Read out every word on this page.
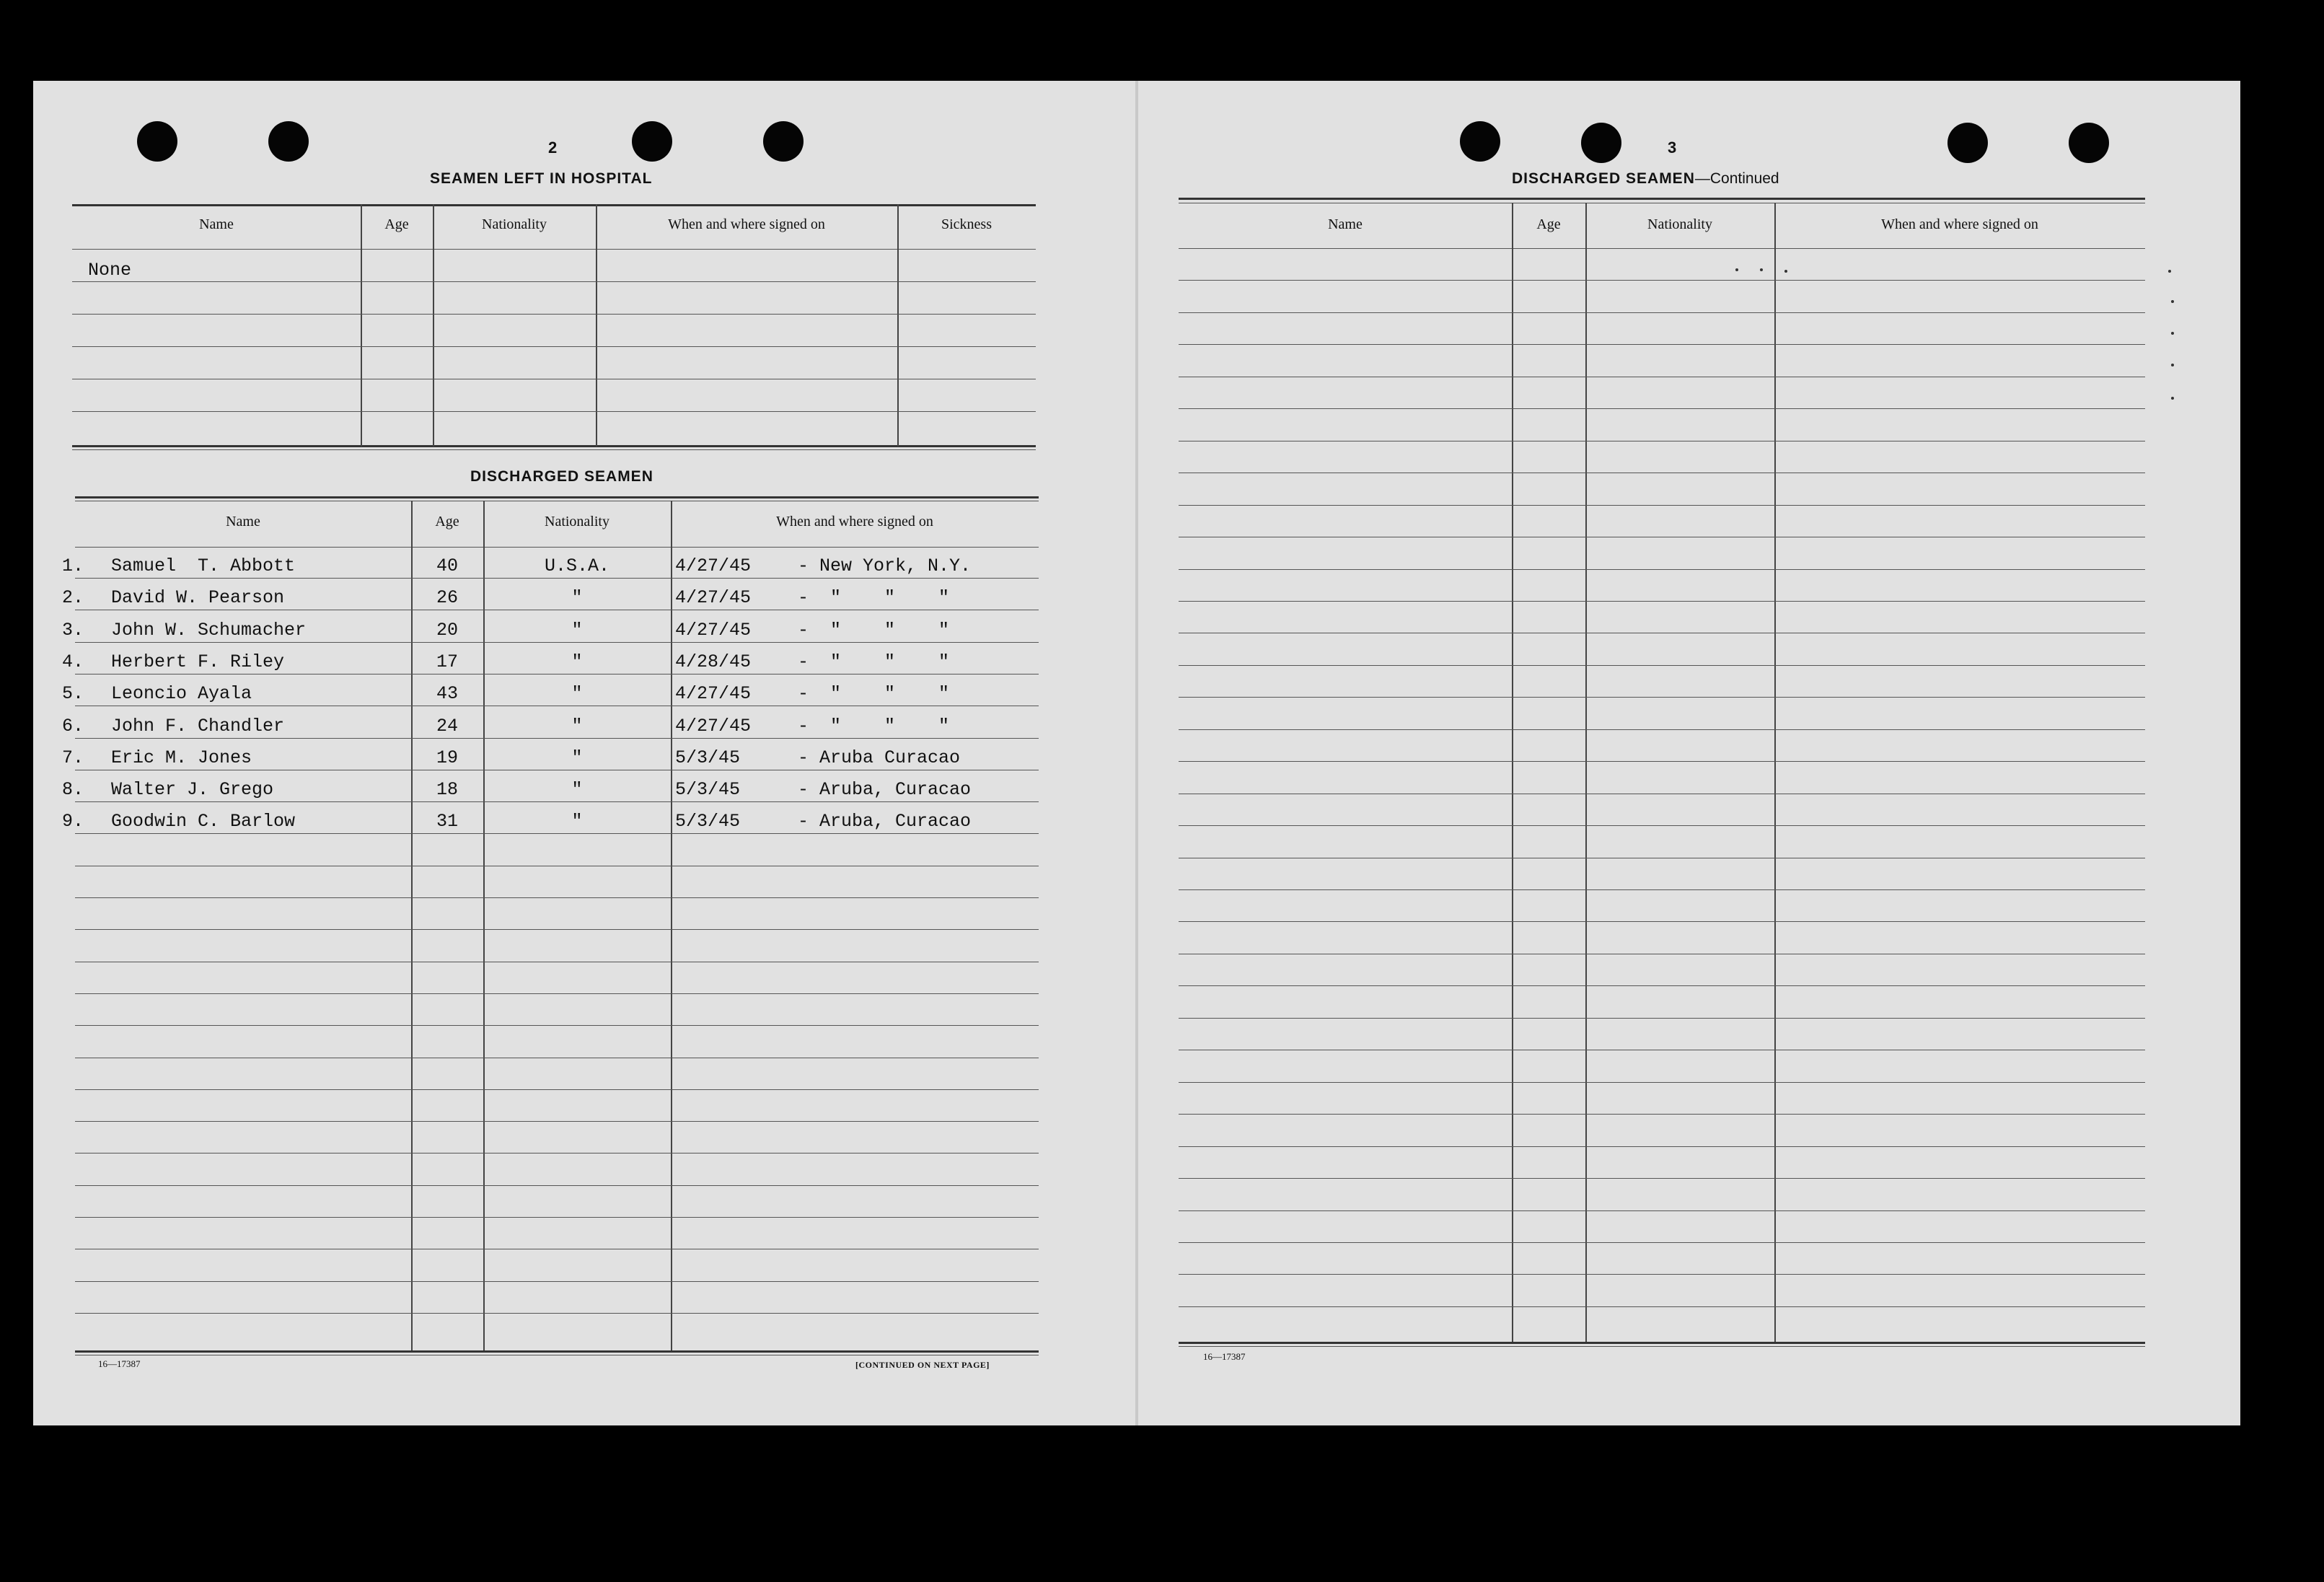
2
SEAMEN LEFT IN HOSPITAL
Name	Age	Nationality	When and where signed on	Sickness
None
DISCHARGED SEAMEN
Name	Age	Nationality	When and where signed on
1. Samuel  T. Abbott	40	U.S.A.	4/27/45	- New York, N.Y.
2. David W. Pearson	26	"	4/27/45	-  "    "    "
3. John W. Schumacher	20	"	4/27/45	-  "    "    "
4. Herbert F. Riley	17	"	4/28/45	-  "    "    "
5. Leoncio Ayala	43	"	4/27/45	-  "    "    "
6. John F. Chandler	24	"	4/27/45	-  "    "    "
7. Eric M. Jones	19	"	5/3/45	- Aruba Curacao
8. Walter J. Grego	18	"	5/3/45	- Aruba, Curacao
9. Goodwin C. Barlow	31	"	5/3/45	- Aruba, Curacao
16—17387	[CONTINUED ON NEXT PAGE]
3
DISCHARGED SEAMEN—Continued
Name	Age	Nationality	When and where signed on
16—17387
